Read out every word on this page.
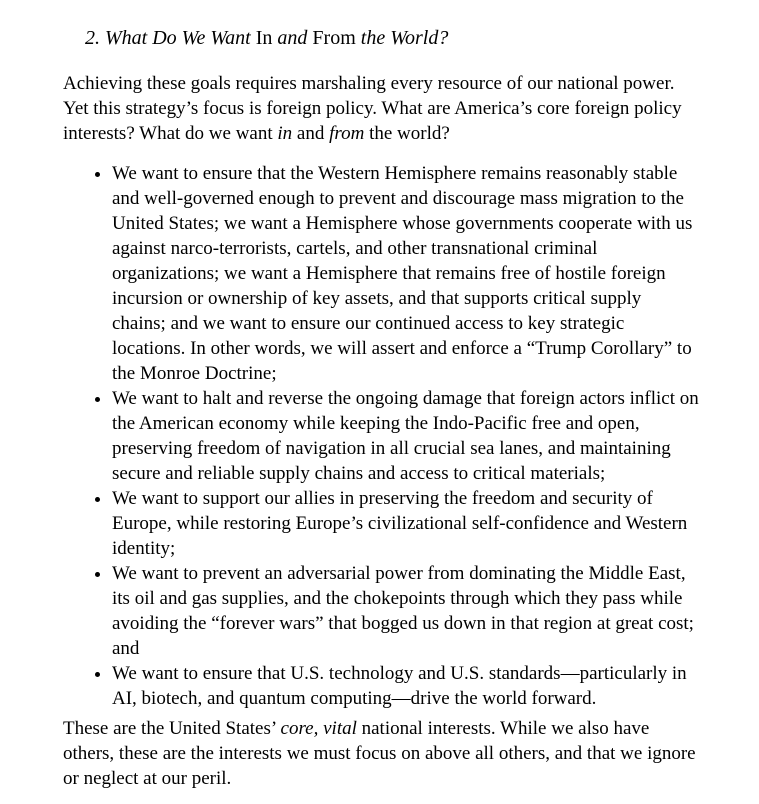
2. What Do We Want In and From the World?

Achieving these goals requires marshaling every resource of our national power. Yet this strategy’s focus is foreign policy. What are America’s core foreign policy interests? What do we want in and from the world?

• We want to ensure that the Western Hemisphere remains reasonably stable and well-governed enough to prevent and discourage mass migration to the United States; we want a Hemisphere whose governments cooperate with us against narco-terrorists, cartels, and other transnational criminal organizations; we want a Hemisphere that remains free of hostile foreign incursion or ownership of key assets, and that supports critical supply chains; and we want to ensure our continued access to key strategic locations. In other words, we will assert and enforce a “Trump Corollary” to the Monroe Doctrine;
• We want to halt and reverse the ongoing damage that foreign actors inflict on the American economy while keeping the Indo-Pacific free and open, preserving freedom of navigation in all crucial sea lanes, and maintaining secure and reliable supply chains and access to critical materials;
• We want to support our allies in preserving the freedom and security of Europe, while restoring Europe’s civilizational self-confidence and Western identity;
• We want to prevent an adversarial power from dominating the Middle East, its oil and gas supplies, and the chokepoints through which they pass while avoiding the “forever wars” that bogged us down in that region at great cost; and
• We want to ensure that U.S. technology and U.S. standards—particularly in AI, biotech, and quantum computing—drive the world forward.

These are the United States’ core, vital national interests. While we also have others, these are the interests we must focus on above all others, and that we ignore or neglect at our peril.
